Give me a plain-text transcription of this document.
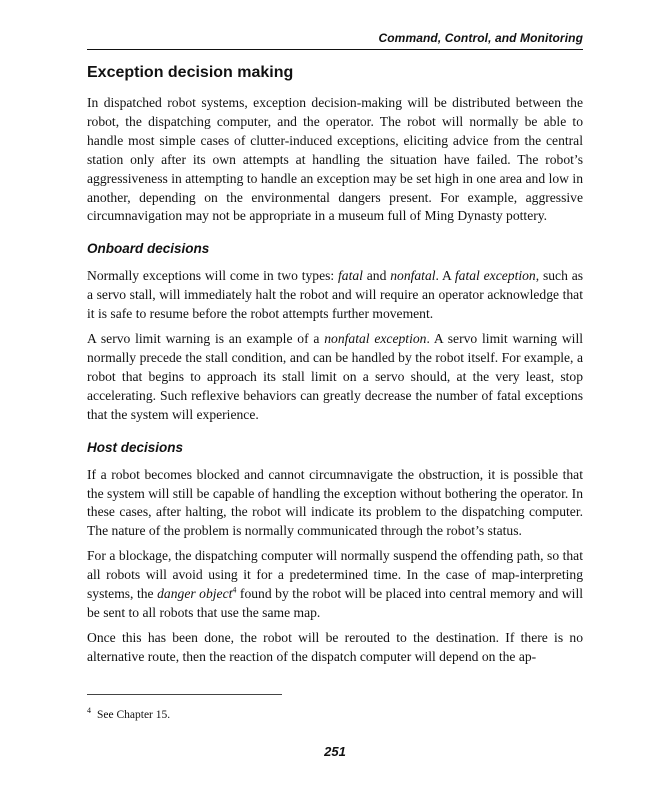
Command, Control, and Monitoring
Exception decision making

In dispatched robot systems, exception decision-making will be distributed between the robot, the dispatching computer, and the operator. The robot will normally be able to handle most simple cases of clutter-induced exceptions, eliciting advice from the central station only after its own attempts at handling the situation have failed. The robot’s aggressiveness in attempting to handle an exception may be set high in one area and low in another, depending on the environmental dangers present. For example, aggressive circumnavigation may not be appropriate in a museum full of Ming Dynasty pottery.

Onboard decisions

Normally exceptions will come in two types: fatal and nonfatal. A fatal exception, such as a servo stall, will immediately halt the robot and will require an operator acknowledge that it is safe to resume before the robot attempts further movement.

A servo limit warning is an example of a nonfatal exception. A servo limit warning will normally precede the stall condition, and can be handled by the robot itself. For example, a robot that begins to approach its stall limit on a servo should, at the very least, stop accelerating. Such reflexive behaviors can greatly decrease the number of fatal exceptions that the system will experience.

Host decisions

If a robot becomes blocked and cannot circumnavigate the obstruction, it is possible that the system will still be capable of handling the exception without bothering the operator. In these cases, after halting, the robot will indicate its problem to the dispatching computer. The nature of the problem is normally communicated through the robot’s status.

For a blockage, the dispatching computer will normally suspend the offending path, so that all robots will avoid using it for a predetermined time. In the case of map-interpreting systems, the danger object$^4$ found by the robot will be placed into central memory and will be sent to all robots that use the same map.

Once this has been done, the robot will be rerouted to the destination. If there is no alternative route, then the reaction of the dispatch computer will depend on the ap-

$^4$ See Chapter 15.
251
